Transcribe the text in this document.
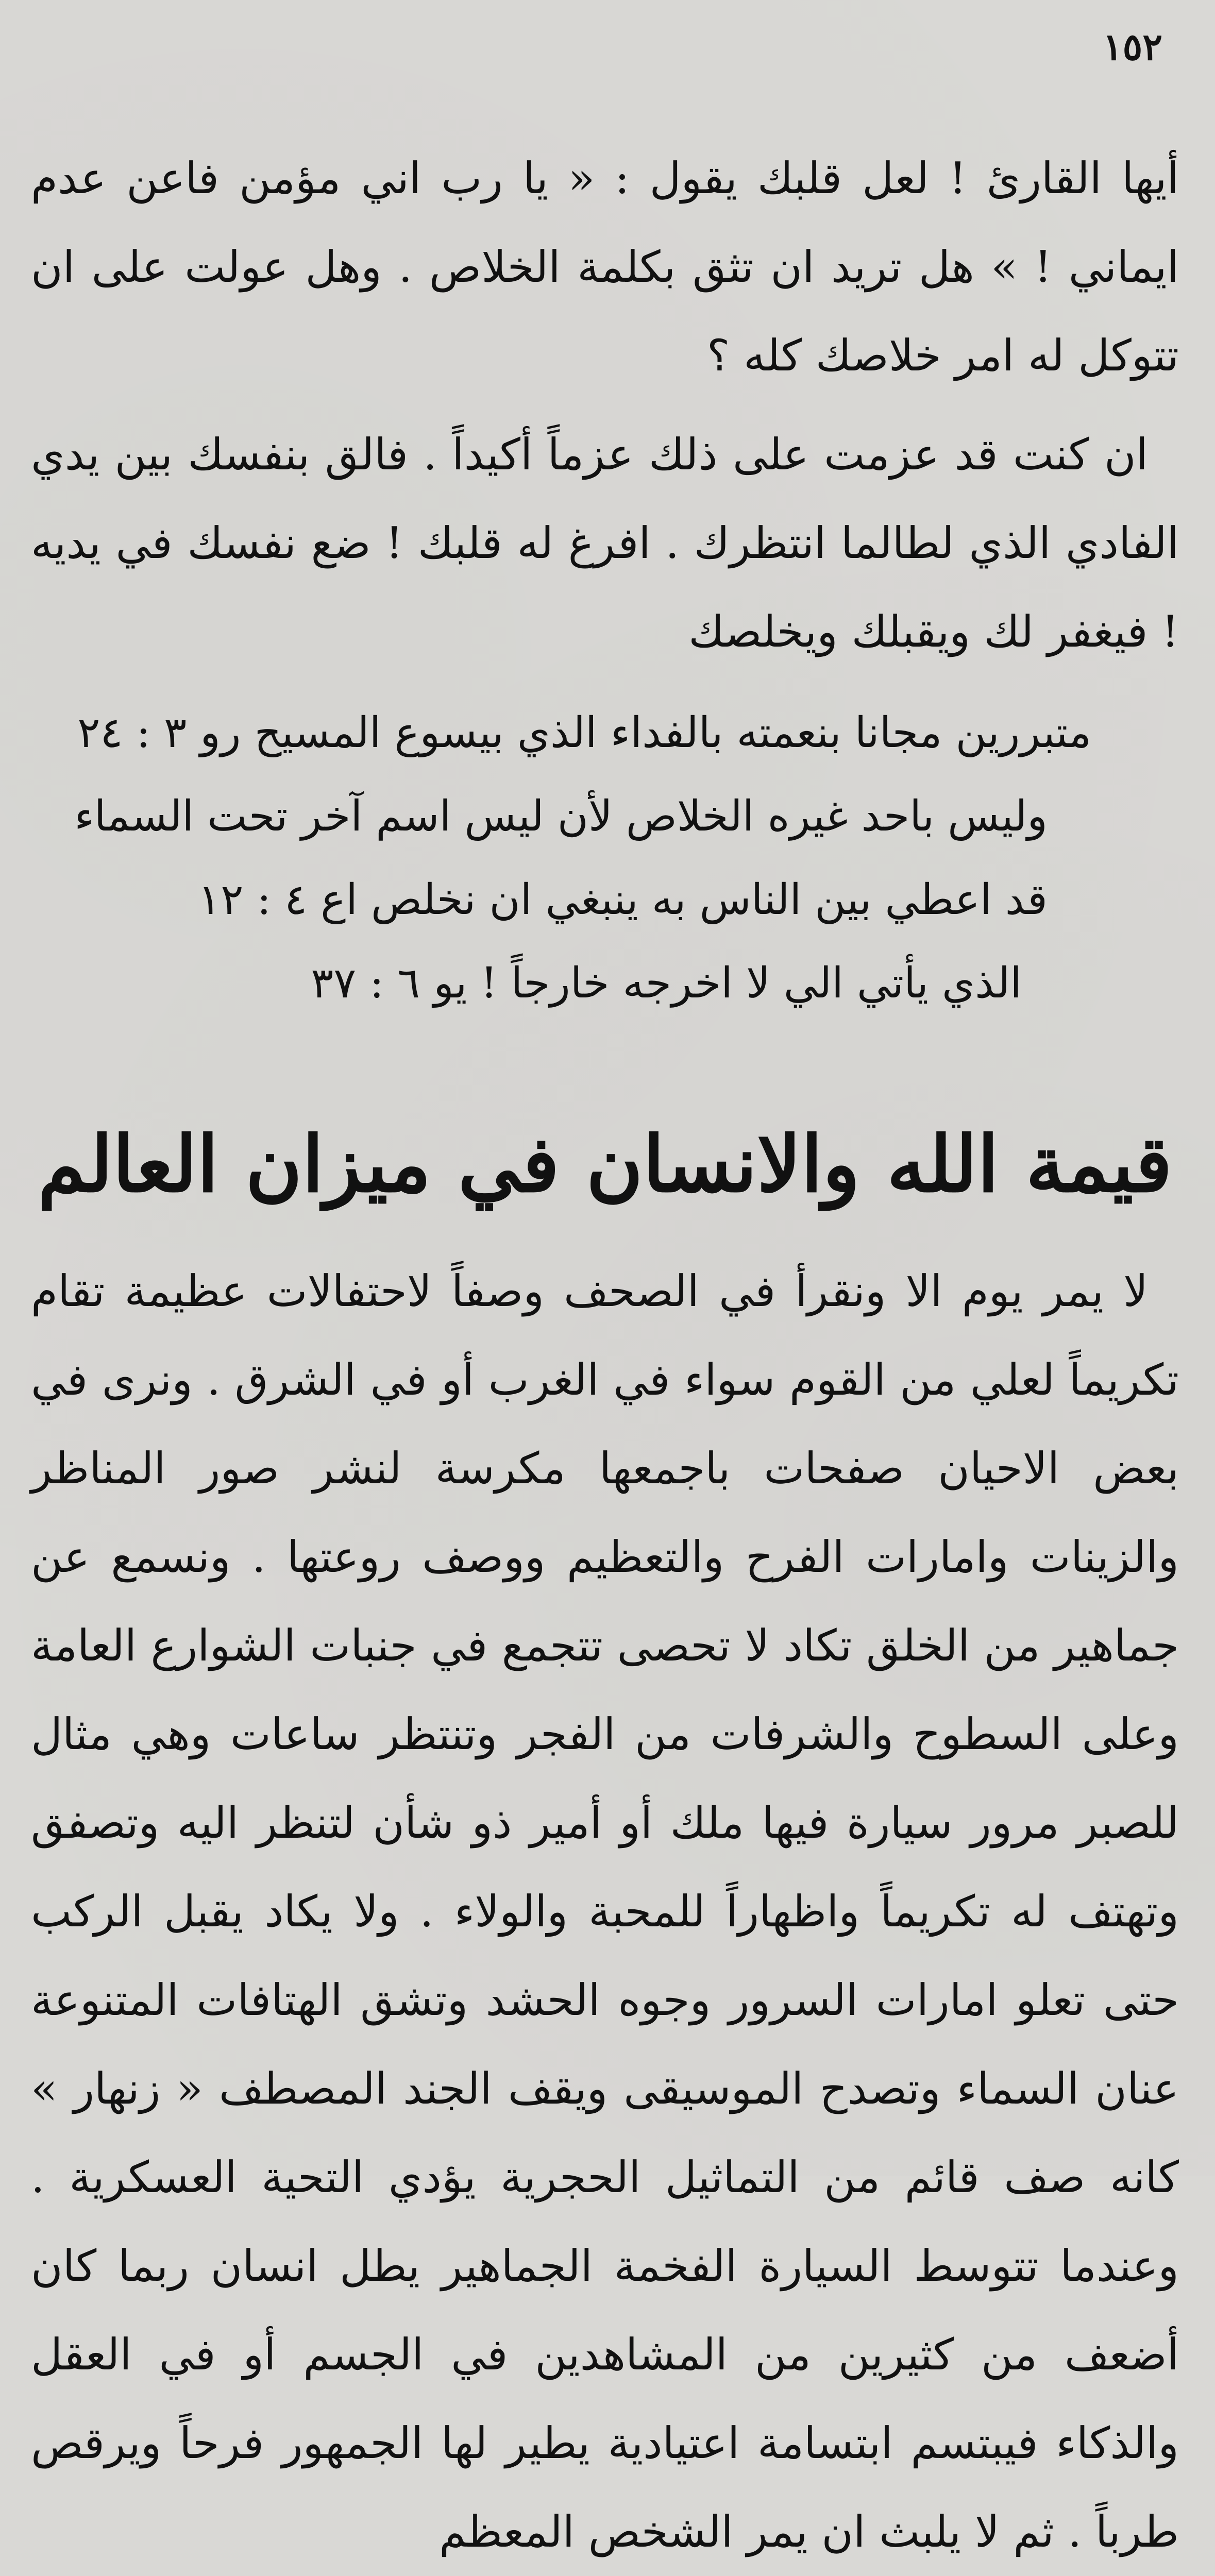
١٥٢

أيها القارئ ! لعل قلبك يقول : « يا رب اني مؤمن فاعن عدم ايماني ! » هل تريد ان تثق بكلمة الخلاص . وهل عولت على ان تتوكل له امر خلاصك كله ؟

ان كنت قد عزمت على ذلك عزماً أكيداً . فالق بنفسك بين يدي الفادي الذي لطالما انتظرك . افرغ له قلبك ! ضع نفسك في يديه ! فيغفر لك ويقبلك ويخلصك

متبررين مجانا بنعمته بالفداء الذي بيسوع المسيح رو ٣ : ٢٤
وليس باحد غيره الخلاص لأن ليس اسم آخر تحت السماء
قد اعطي بين الناس به ينبغي ان نخلص اع ٤ : ١٢
الذي يأتي الي لا اخرجه خارجاً ! يو ٦ : ٣٧
قيمة الله والانسان في ميزان العالم

لا يمر يوم الا ونقرأ في الصحف وصفاً لاحتفالات عظيمة تقام تكريماً لعلي من القوم سواء في الغرب أو في الشرق . ونرى في بعض الاحيان صفحات باجمعها مكرسة لنشر صور المناظر والزينات وامارات الفرح والتعظيم ووصف روعتها . ونسمع عن جماهير من الخلق تكاد لا تحصى تتجمع في جنبات الشوارع العامة وعلى السطوح والشرفات من الفجر وتنتظر ساعات وهي مثال للصبر مرور سيارة فيها ملك أو أمير ذو شأن لتنظر اليه وتصفق وتهتف له تكريماً واظهاراً للمحبة والولاء . ولا يكاد يقبل الركب حتى تعلو امارات السرور وجوه الحشد وتشق الهتافات المتنوعة عنان السماء وتصدح الموسيقى ويقف الجند المصطف « زنهار » كانه صف قائم من التماثيل الحجرية يؤدي التحية العسكرية . وعندما تتوسط السيارة الفخمة الجماهير يطل انسان ربما كان أضعف من كثيرين من المشاهدين في الجسم أو في العقل والذكاء فيبتسم ابتسامة اعتيادية يطير لها الجمهور فرحاً ويرقص طرباً . ثم لا يلبث ان يمر الشخص المعظم
